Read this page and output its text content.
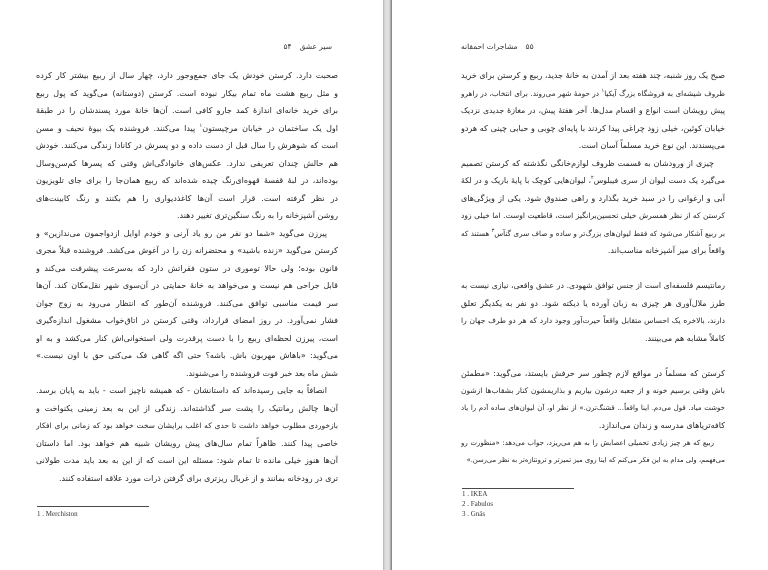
۵۴ سیر عشق
صحبت دارد. کرستن خودش یک جای جمع‌وجور دارد، چهار سال از ربیع بیشتر کار کرده
و مثل ربیع هشت ماه تمام بیکار نبوده است. کرستن (دوستانه) می‌گوید که پول ربیع
برای خرید خانه‌ای اندازهٔ کمد جارو کافی است. آن‌ها خانهٔ مورد پسندشان را در طبقهٔ
اول یک ساختمان در خیابان مرچیستون$^۱$ پیدا می‌کنند. فروشنده یک بیوهٔ نحیف و مسن
است که شوهرش را سال قبل از دست داده و دو پسرش در کانادا زندگی می‌کنند. خودش
هم حالش چندان تعریفی ندارد. عکس‌های خانوادگی‌اش وقتی که پسرها کم‌سن‌وسال
بوده‌اند، در لبهٔ قفسهٔ قهوه‌ای‌رنگ چیده شده‌اند که ربیع همان‌جا را برای جای تلویزیون
در نظر گرفته است. قرار است آن‌ها کاغذدیواری را هم بکنند و رنگ کابینت‌های
روشن آشپزخانه را به رنگ سنگین‌تری تغییر دهند.
پیرزن می‌گوید «شما دو نفر من رو یاد آرنی و خودم اوایل ازدواجمون می‌ندازین» و
کرستن می‌گوید «زنده باشید» و محتضرانه زن را در آغوش می‌کشد. فروشنده قبلاً مجری
قانون بوده؛ ولی حالا توموری در ستون فقراتش دارد که به‌سرعت پیشرفت می‌کند و
قابل جراحی هم نیست و می‌خواهد به خانهٔ حمایتی در آن‌سوی شهر نقل‌مکان کند. آن‌ها
سر قیمت مناسبی توافق می‌کنند. فروشنده آن‌طور که انتظار می‌رود به زوج جوان
فشار نمی‌آورد. در روز امضای قرارداد، وقتی کرستن در اتاق‌خواب مشغول اندازه‌گیری
است، پیرزن لحظه‌ای ربیع را با دست پرقدرت ولی استخوانی‌اش کنار می‌کشد و به او
می‌گوید: «باهاش مهربون باش. باشه؟ حتی اگه گاهی فک می‌کنی حق با اون نیست.»
شش ماه بعد خبر فوت فروشنده را می‌شنوند.
انصافاً به جایی رسیده‌اند که داستانشان - که همیشه ناچیز است - باید به پایان برسد.
آن‌ها چالش رمانتیک را پشت سر گذاشته‌اند. زندگی از این به بعد زمینی یکنواخت و
بازخوردی مطلوب خواهد داشت تا حدی که اغلب برایشان سخت خواهد بود که زمانی برای افکار
خاصی پیدا کنند. ظاهراً تمام سال‌های پیش رویشان شبیه هم خواهد بود. اما داستان
آن‌ها هنوز خیلی مانده تا تمام شود: مسئله این است که از این به بعد باید مدت طولانی‌
تری در رودخانه بمانند و از غربال ریزتری برای گرفتن ذرات مورد علاقه استفاده کنند.
1 . Merchiston
مشاجرات احمقانه ۵۵
صبح یک روز شنبه، چند هفته بعد از آمدن به خانهٔ جدید، ربیع و کرستن برای خرید
ظروف شیشه‌ای به فروشگاه بزرگ آیکیا$^۱$ در حومهٔ شهر می‌روند. برای انتخاب، در راهرو
پیش رویشان است انواع و اقسام مدل‌ها. آخر هفتهٔ پیش، در مغازهٔ جدیدی نزدیک
خیابان کوئین، خیلی زود چراغی پیدا کردند با پایه‌ای چوبی و حبابی چینی که هردو
می‌پسندند. این نوع خرید مسلماً آسان است.
چیزی از ورودشان به قسمت ظروف لوازم‌خانگی نگذشته که کرستن تصمیم
می‌گیرد یک دست لیوان از سری فیبلوس$^۲$، لیوان‌هایی کوچک با پایهٔ باریک و در لکهٔ
آبی و ارغوانی را در سبد خرید بگذارد و راهی صندوق شود. یکی از ویژگی‌های
کرستن که از نظر همسرش خیلی تحسین‌برانگیز است، قاطعیت اوست. اما خیلی زود
بر ربیع آشکار می‌شود که فقط لیوان‌های بزرگ‌تر و ساده و صاف سری گنآس$^۳$ هستند که
واقعاً برای میز آشپزخانه مناسب‌اند.
رمانتیسم فلسفه‌ای است از جنس توافق شهودی. در عشق واقعی، نیازی نیست به
طرز ملال‌آوری هر چیزی به زبان آورده یا دیکته شود. دو نفر به یکدیگر تعلق
دارند، بالاخره یک احساس متقابل واقعاً حیرت‌آور وجود دارد که هر دو طرف جهان را
کاملاً مشابه هم می‌بینند.
کرستن که مسلماً در مواقع لازم چطور سر حرفش بایستد، می‌گوید: «مطمئن
باش وقتی برسیم خونه و از جعبه درشون بیاریم و بذاریمشون کنار بشقاب‌ها ازشون
خوشت میاد. قول می‌دم. اینا واقعاً... قشنگ‌ترن.» از نظر او، آن لیوان‌های ساده آدم را یاد
کافه‌تریاهای مدرسه و زندان می‌اندازد.
ربیع که هر چیز زیادی تحمیلی اعصابش را به هم می‌ریزد، جواب می‌دهد: «منظورت رو
می‌فهمم، ولی مدام به این فکر می‌کنم که اینا روی میز تمیزتر و ترونتازه‌تر به نظر می‌رسن.»
1 . IKEA
2 . Fabulos
3 . Gnäs
